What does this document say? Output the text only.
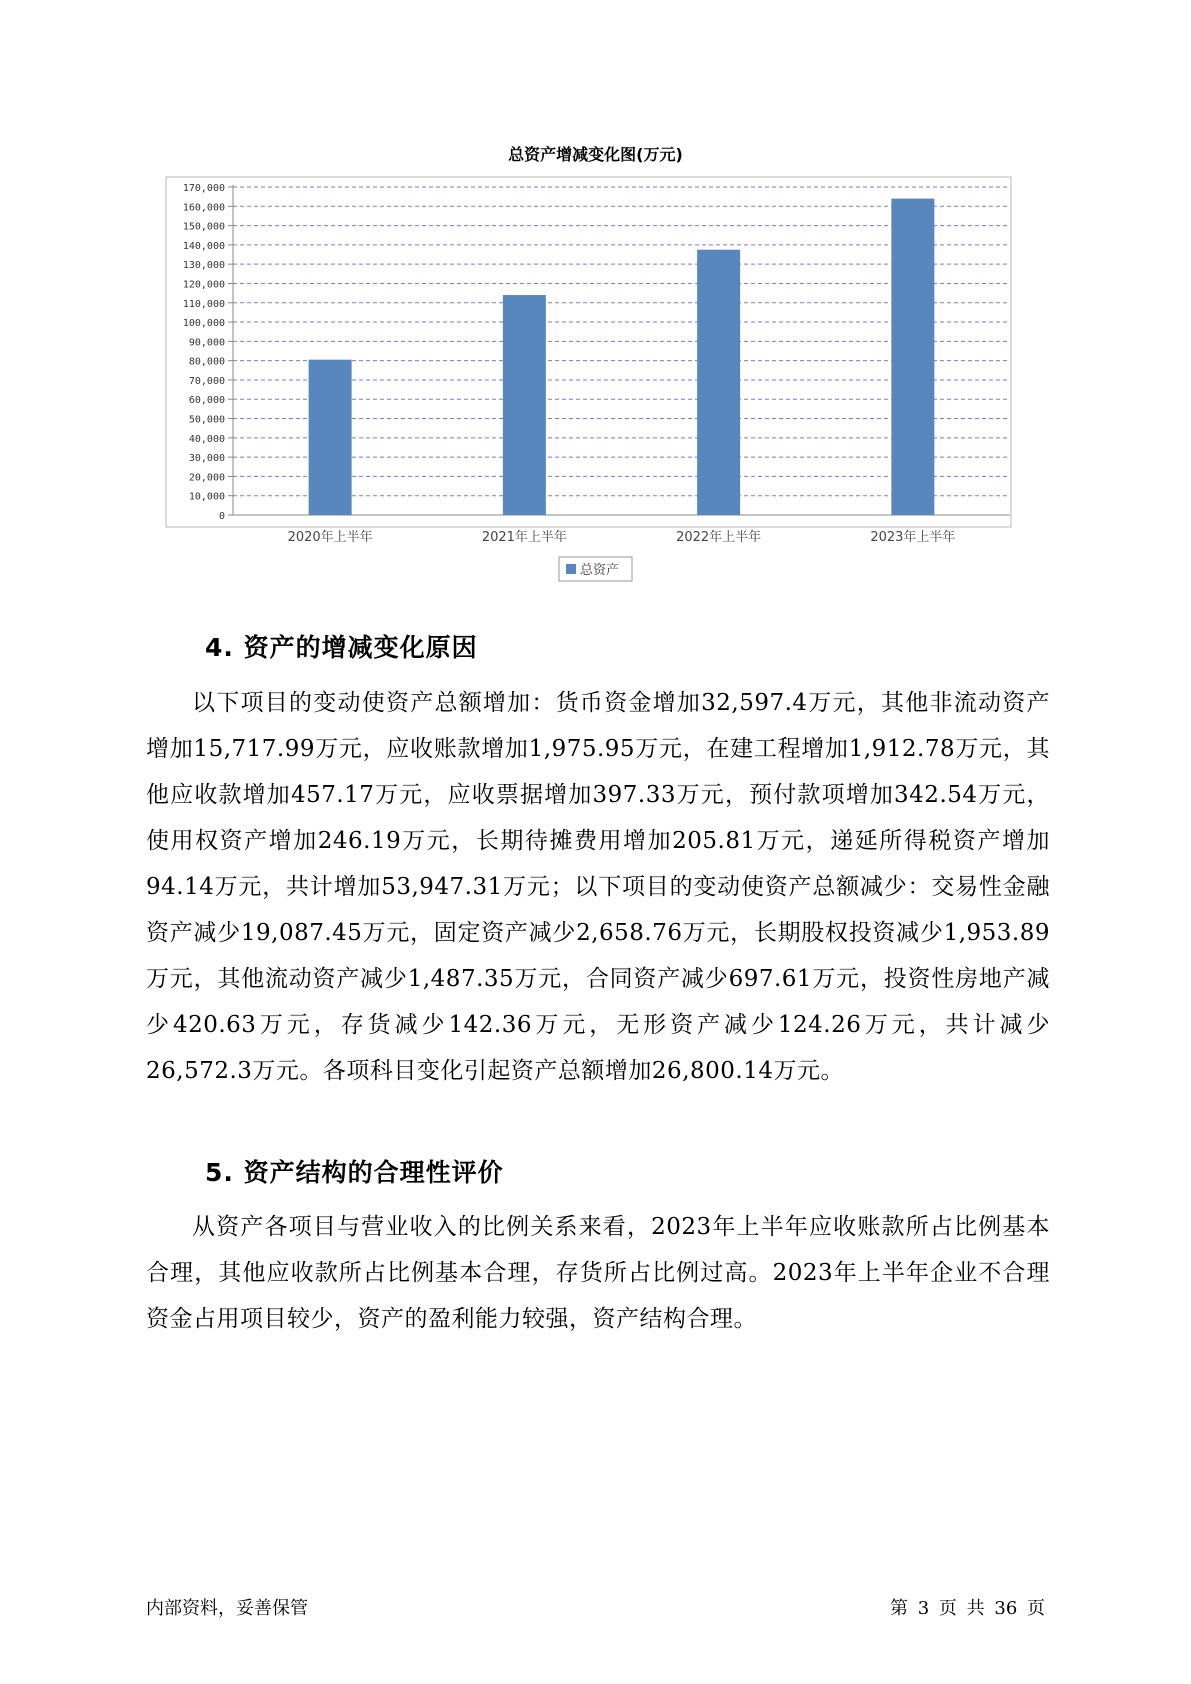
总资产增减变化图(万元)
0
10,000
20,000
30,000
40,000
50,000
60,000
70,000
80,000
90,000
100,000
110,000
120,000
130,000
140,000
150,000
160,000
170,000
2020年上半年	2021年上半年	2022年上半年	2023年上半年
总资产
4. 资产的增减变化原因

以下项目的变动使资产总额增加：货币资金增加32,597.4万元，其他非流动资产增加15,717.99万元，应收账款增加1,975.95万元，在建工程增加1,912.78万元，其他应收款增加457.17万元，应收票据增加397.33万元，预付款项增加342.54万元，使用权资产增加246.19万元，长期待摊费用增加205.81万元，递延所得税资产增加94.14万元，共计增加53,947.31万元；以下项目的变动使资产总额减少：交易性金融资产减少19,087.45万元，固定资产减少2,658.76万元，长期股权投资减少1,953.89万元，其他流动资产减少1,487.35万元，合同资产减少697.61万元，投资性房地产减少420.63万元，存货减少142.36万元，无形资产减少124.26万元，共计减少26,572.3万元。各项科目变化引起资产总额增加26,800.14万元。

5. 资产结构的合理性评价

从资产各项目与营业收入的比例关系来看，2023年上半年应收账款所占比例基本合理，其他应收款所占比例基本合理，存货所占比例过高。2023年上半年企业不合理资金占用项目较少，资产的盈利能力较强，资产结构合理。

内部资料，妥善保管	第 3 页 共 36 页
